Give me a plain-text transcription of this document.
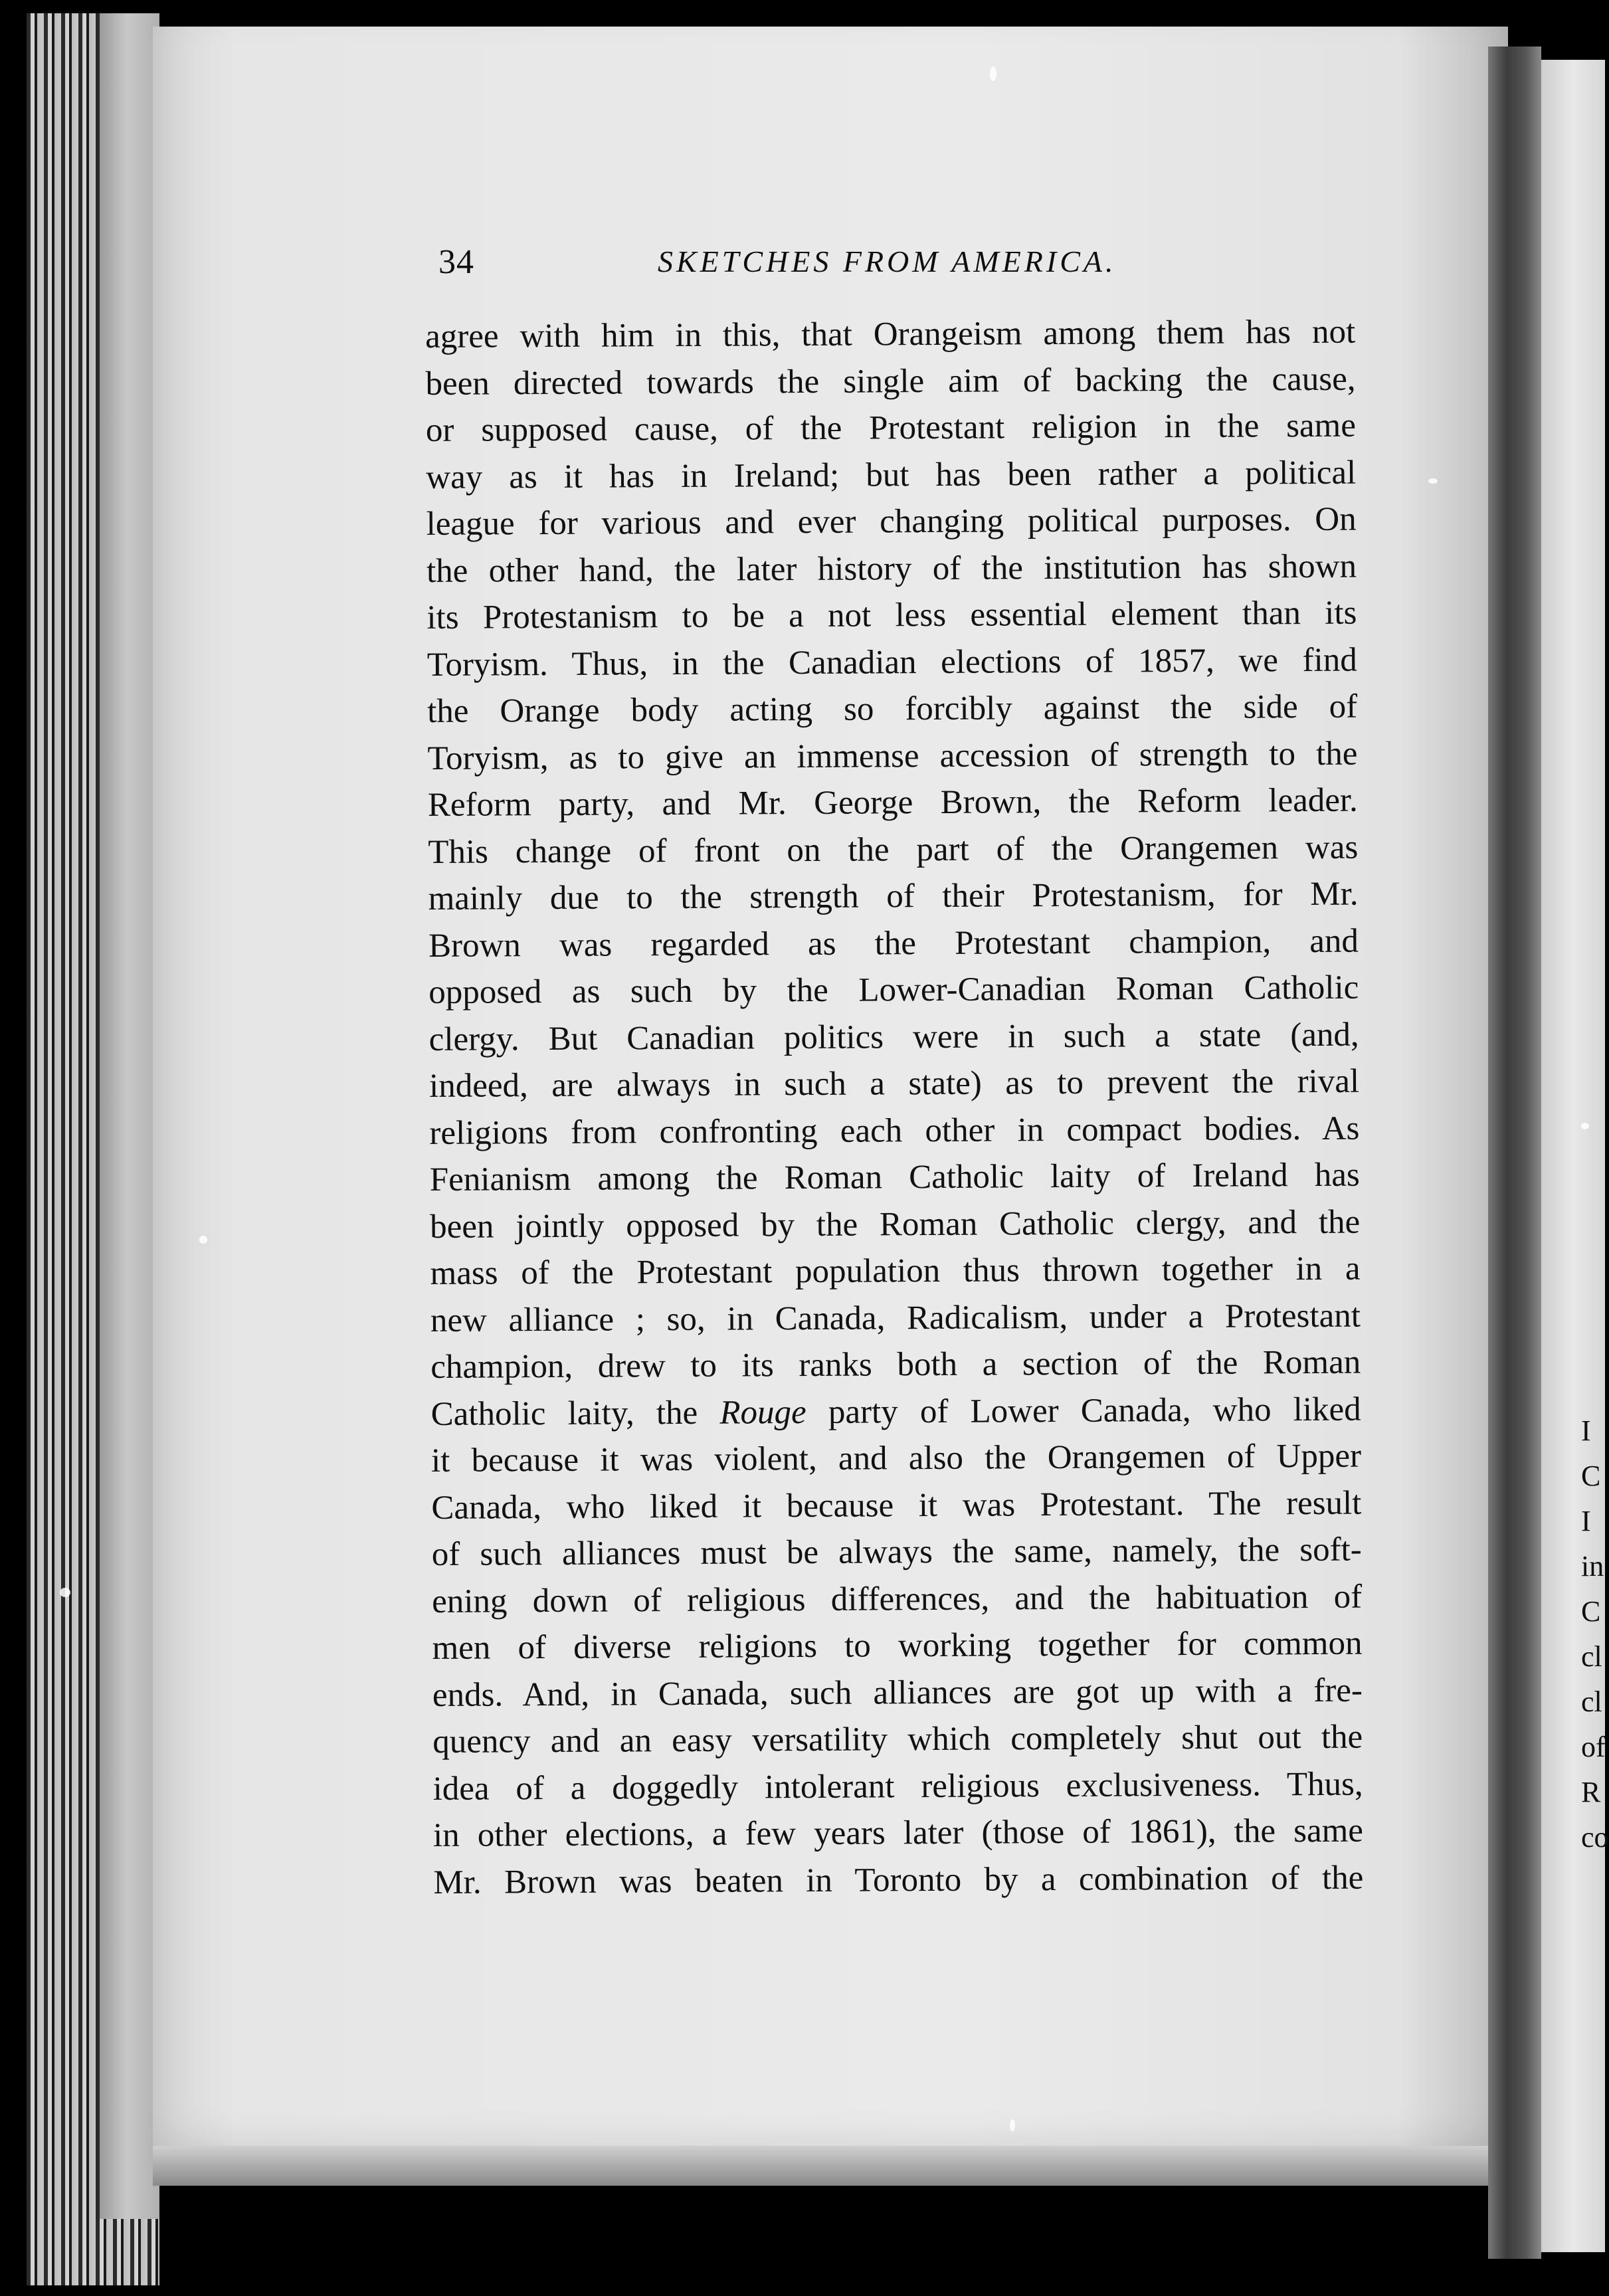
I
C
I
in
C
cl
cl
of
R
co
34	SKETCHES FROM AMERICA.
agree with him in this, that Orangeism among them has not
been directed towards the single aim of backing the cause,
or supposed cause, of the Protestant religion in the same
way as it has in Ireland; but has been rather a political
league for various and ever changing political purposes. On
the other hand, the later history of the institution has shown
its Protestanism to be a not less essential element than its
Toryism. Thus, in the Canadian elections of 1857, we find
the Orange body acting so forcibly against the side of
Toryism, as to give an immense accession of strength to the
Reform party, and Mr. George Brown, the Reform leader.
This change of front on the part of the Orangemen was
mainly due to the strength of their Protestanism, for Mr.
Brown was regarded as the Protestant champion, and
opposed as such by the Lower-Canadian Roman Catholic
clergy. But Canadian politics were in such a state (and,
indeed, are always in such a state) as to prevent the rival
religions from confronting each other in compact bodies. As
Fenianism among the Roman Catholic laity of Ireland has
been jointly opposed by the Roman Catholic clergy, and the
mass of the Protestant population thus thrown together in a
new alliance ; so, in Canada, Radicalism, under a Protestant
champion, drew to its ranks both a section of the Roman
Catholic laity, the Rouge party of Lower Canada, who liked
it because it was violent, and also the Orangemen of Upper
Canada, who liked it because it was Protestant. The result
of such alliances must be always the same, namely, the soft-
ening down of religious differences, and the habituation of
men of diverse religions to working together for common
ends. And, in Canada, such alliances are got up with a fre-
quency and an easy versatility which completely shut out the
idea of a doggedly intolerant religious exclusiveness. Thus,
in other elections, a few years later (those of 1861), the same
Mr. Brown was beaten in Toronto by a combination of the
